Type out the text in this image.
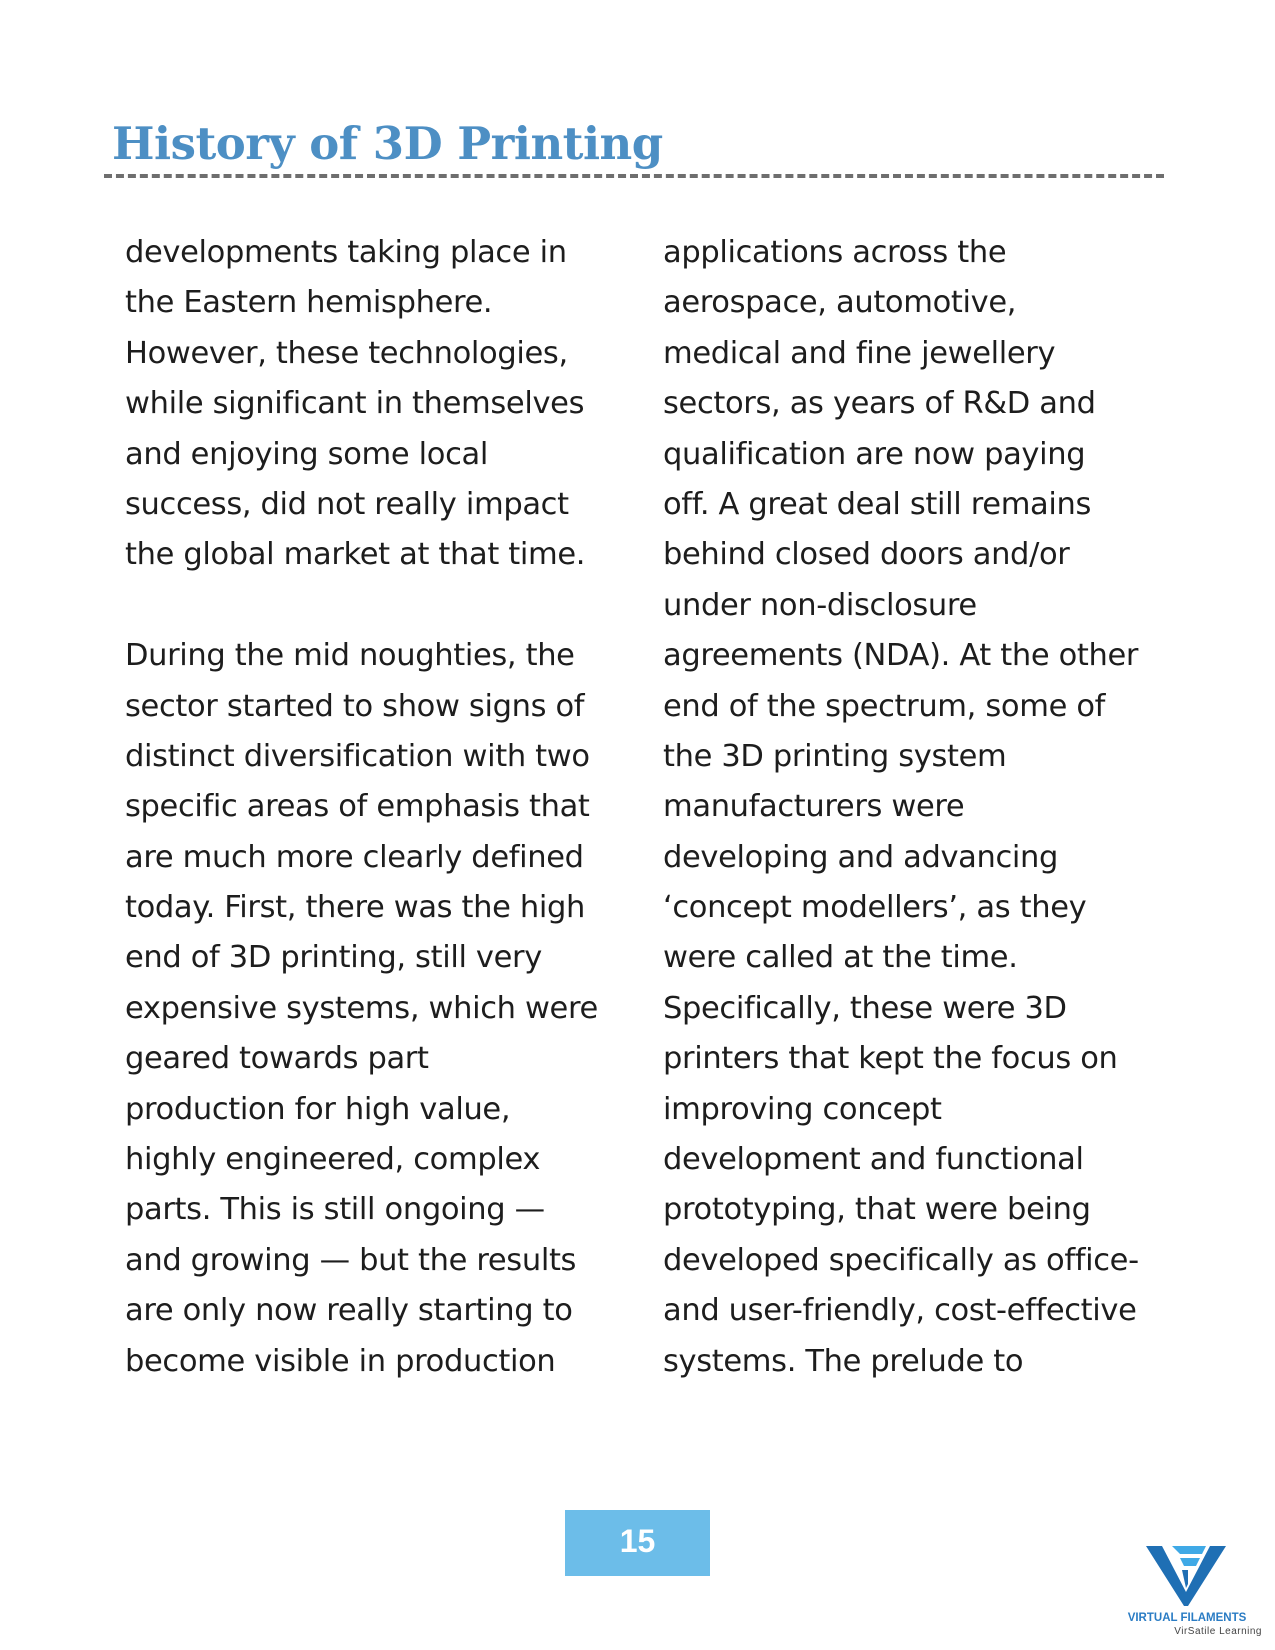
History of 3D Printing
developments taking place in
the Eastern hemisphere.
However, these technologies,
while significant in themselves
and enjoying some local
success, did not really impact
the global market at that time.
During the mid noughties, the
sector started to show signs of
distinct diversification with two
specific areas of emphasis that
are much more clearly defined
today. First, there was the high
end of 3D printing, still very
expensive systems, which were
geared towards part
production for high value,
highly engineered, complex
parts. This is still ongoing —
and growing — but the results
are only now really starting to
become visible in production
applications across the
aerospace, automotive,
medical and fine jewellery
sectors, as years of R&D and
qualification are now paying
off. A great deal still remains
behind closed doors and/or
under non-disclosure
agreements (NDA). At the other
end of the spectrum, some of
the 3D printing system
manufacturers were
developing and advancing
‘concept modellers’, as they
were called at the time.
Specifically, these were 3D
printers that kept the focus on
improving concept
development and functional
prototyping, that were being
developed specifically as office-
and user-friendly, cost-effective
systems. The prelude to
15
VIRTUAL FILAMENTS
VirSatile Learning
